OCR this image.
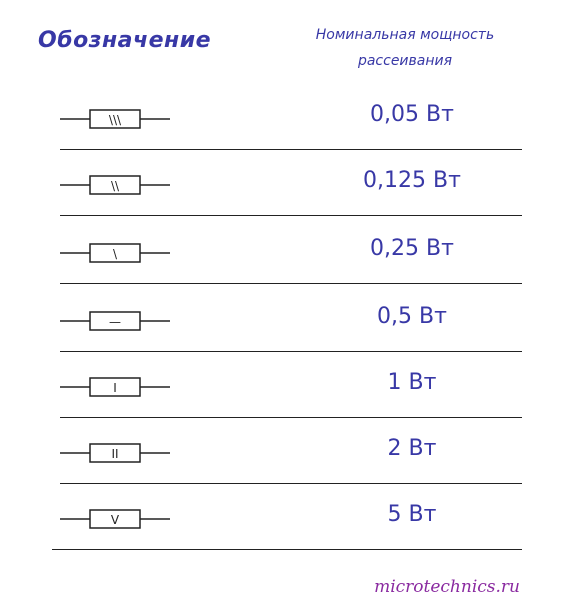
Обозначение	Номинальная мощность
рассеивания
\\\	0,05 Вт
\\	0,125 Вт
\	0,25 Вт
—	0,5 Вт
I	1 Вт
II	2 Вт
V	5 Вт
microtechnics.ru
